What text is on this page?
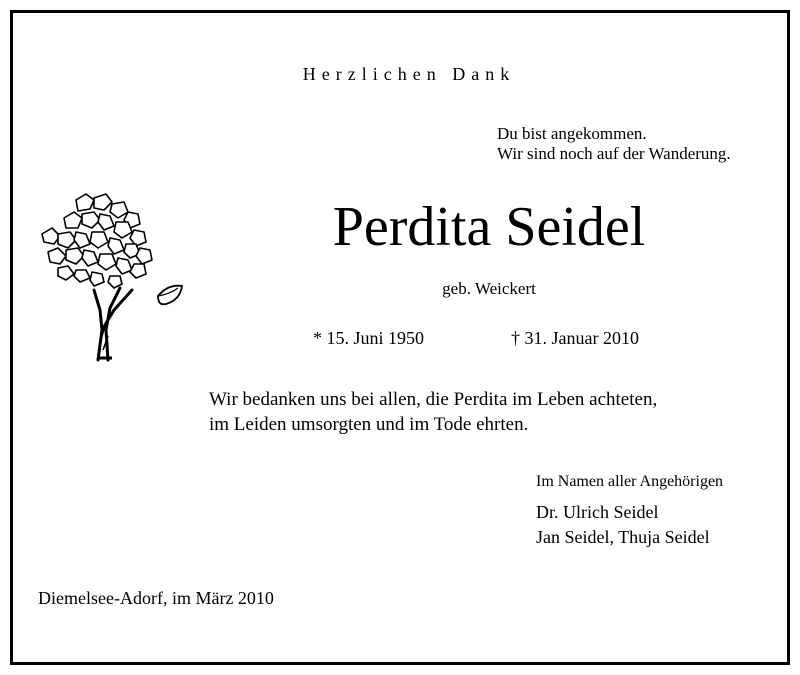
Herzlichen Dank
Du bist angekommen.
Wir sind noch auf der Wanderung.
Perdita Seidel
geb. Weickert
* 15. Juni 1950	† 31. Januar 2010
Wir bedanken uns bei allen, die Perdita im Leben achteten,
im Leiden umsorgten und im Tode ehrten.
Im Namen aller Angehörigen
Dr. Ulrich Seidel
Jan Seidel, Thuja Seidel
Diemelsee-Adorf, im März 2010
